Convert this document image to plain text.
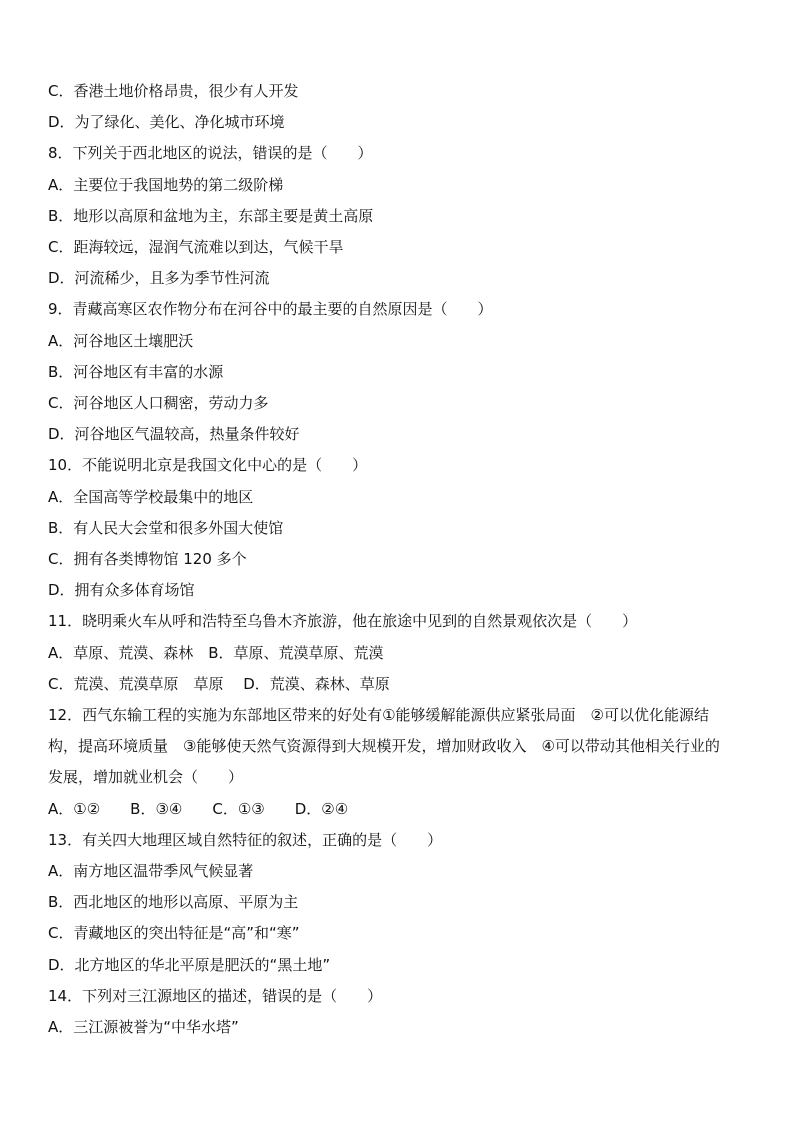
C．香港土地价格昂贵，很少有人开发
D．为了绿化、美化、净化城市环境
8．下列关于西北地区的说法，错误的是（　　）
A．主要位于我国地势的第二级阶梯
B．地形以高原和盆地为主，东部主要是黄土高原
C．距海较远，湿润气流难以到达，气候干旱
D．河流稀少，且多为季节性河流
9．青藏高寒区农作物分布在河谷中的最主要的自然原因是（　　）
A．河谷地区土壤肥沃
B．河谷地区有丰富的水源
C．河谷地区人口稠密，劳动力多
D．河谷地区气温较高，热量条件较好
10．不能说明北京是我国文化中心的是（　　）
A．全国高等学校最集中的地区
B．有人民大会堂和很多外国大使馆
C．拥有各类博物馆 120 多个
D．拥有众多体育场馆
11．晓明乘火车从呼和浩特至乌鲁木齐旅游，他在旅途中见到的自然景观依次是（　　）
A．草原、荒漠、森林　B．草原、荒漠草原、荒漠
C．荒漠、荒漠草原　草原　 D．荒漠、森林、草原
12．西气东输工程的实施为东部地区带来的好处有①能够缓解能源供应紧张局面　②可以优化能源结
构，提高环境质量　③能够使天然气资源得到大规模开发，增加财政收入　④可以带动其他相关行业的
发展，增加就业机会（　　）
A．①②　　B．③④　　C．①③　　D．②④
13．有关四大地理区域自然特征的叙述，正确的是（　　）
A．南方地区温带季风气候显著
B．西北地区的地形以高原、平原为主
C．青藏地区的突出特征是“高”和“寒”
D．北方地区的华北平原是肥沃的“黑土地”
14．下列对三江源地区的描述，错误的是（　　）
A．三江源被誉为“中华水塔”
